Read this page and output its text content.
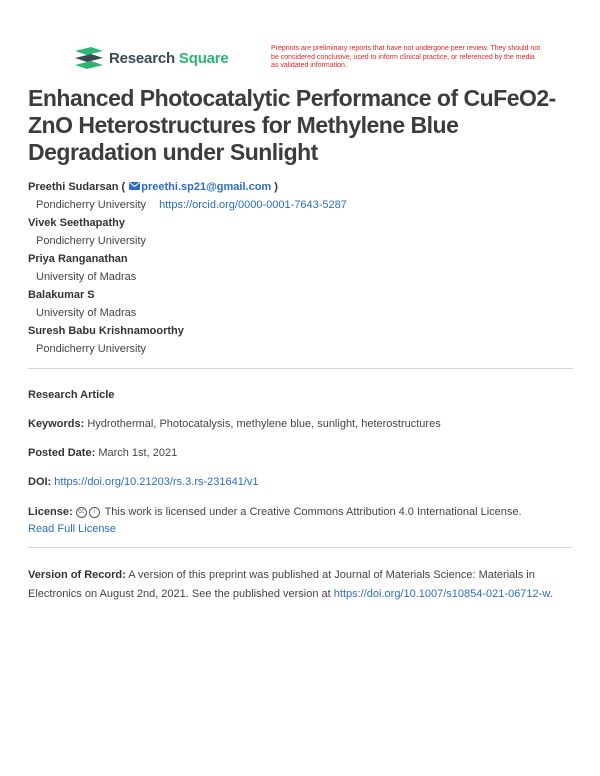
Research Square
Preprints are preliminary reports that have not undergone peer review. They should not be considered conclusive, used to inform clinical practice, or referenced by the media as validated information.
Enhanced Photocatalytic Performance of CuFeO2-ZnO Heterostructures for Methylene Blue Degradation under Sunlight
Preethi Sudarsan ( preethi.sp21@gmail.com )
Pondicherry University https://orcid.org/0000-0001-7643-5287
Vivek Seethapathy
Pondicherry University
Priya Ranganathan
University of Madras
Balakumar S
University of Madras
Suresh Babu Krishnamoorthy
Pondicherry University
Research Article
Keywords: Hydrothermal, Photocatalysis, methylene blue, sunlight, heterostructures
Posted Date: March 1st, 2021
DOI: https://doi.org/10.21203/rs.3.rs-231641/v1
License: cc i This work is licensed under a Creative Commons Attribution 4.0 International License.
Read Full License
Version of Record: A version of this preprint was published at Journal of Materials Science: Materials in Electronics on August 2nd, 2021. See the published version at https://doi.org/10.1007/s10854-021-06712-w.
